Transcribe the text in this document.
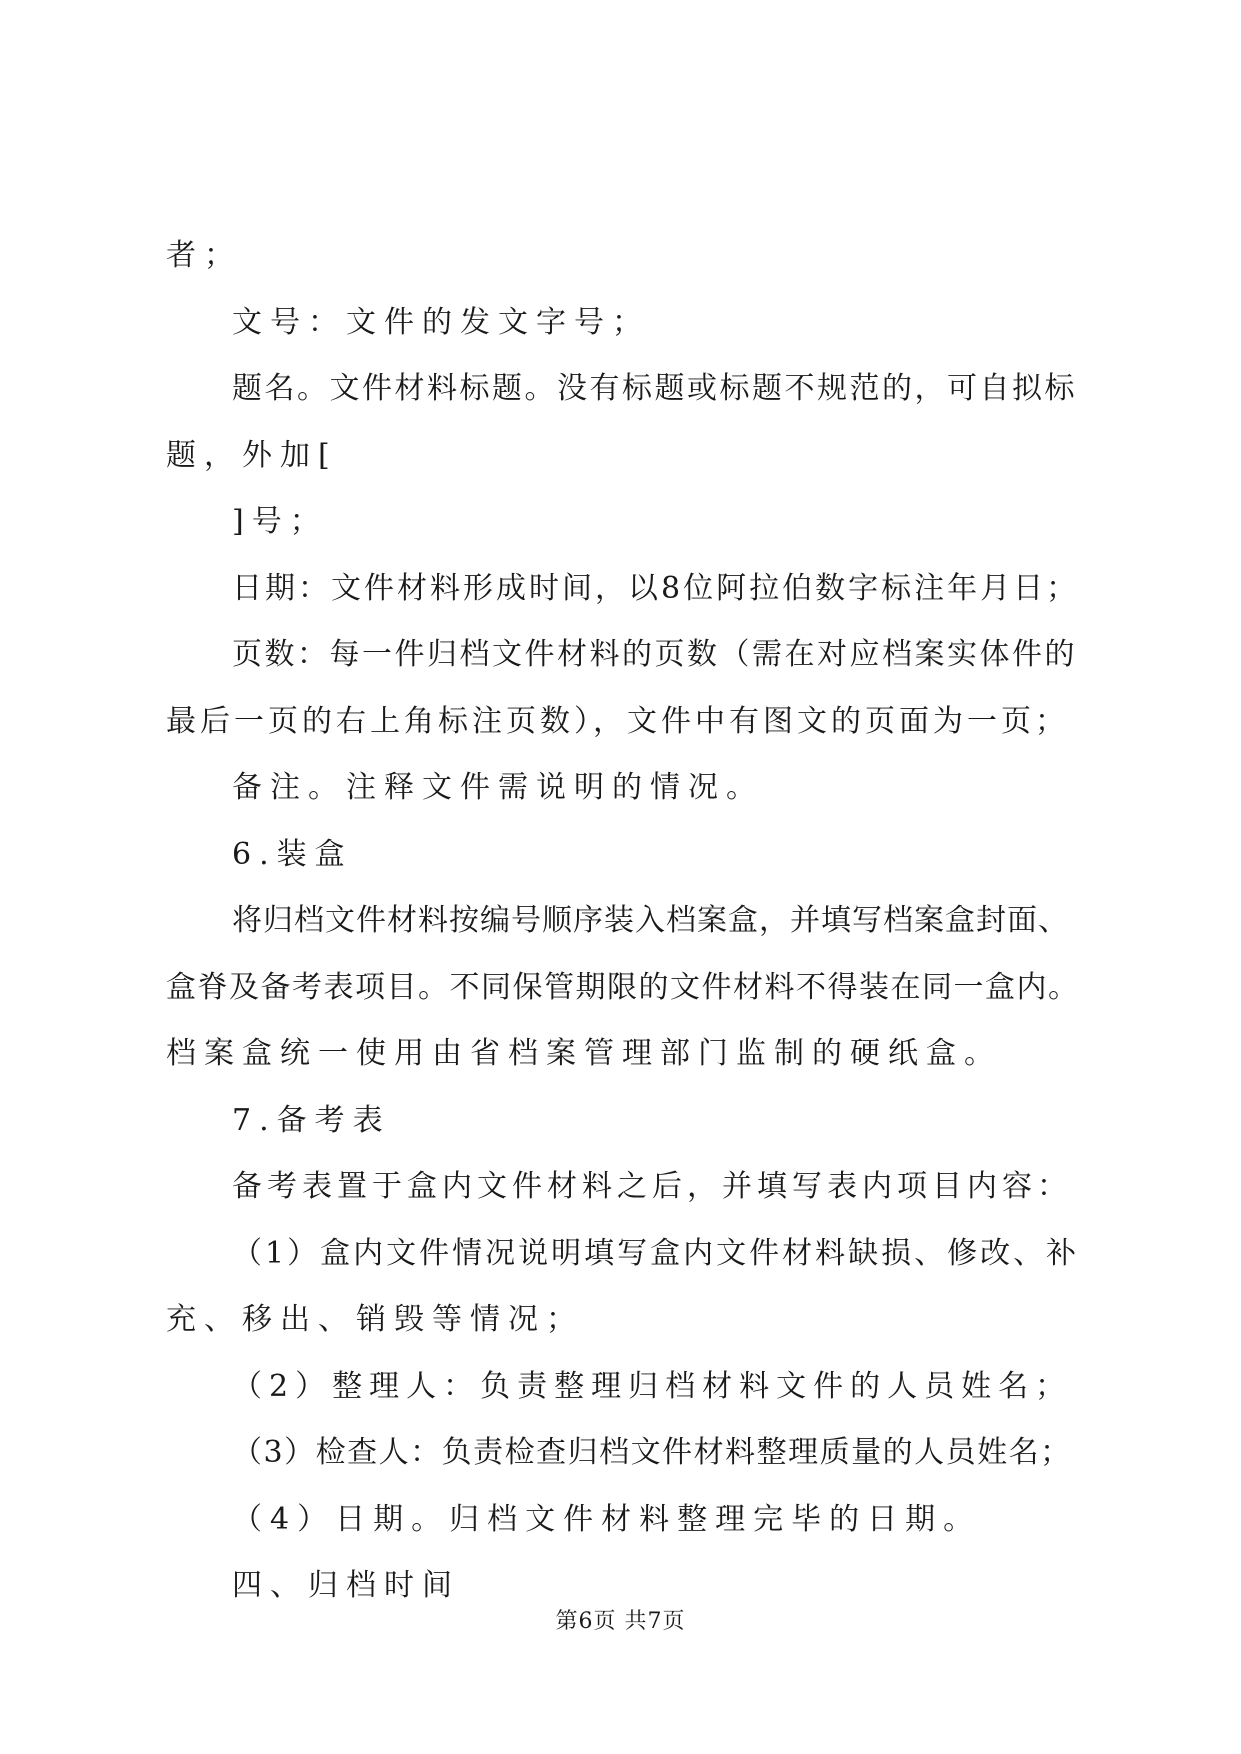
者；
文号：文件的发文字号；
题名。文件材料标题。没有标题或标题不规范的，可自拟标
题，外加[
]号；
日期：文件材料形成时间，以8位阿拉伯数字标注年月日；
页数：每一件归档文件材料的页数（需在对应档案实体件的
最后一页的右上角标注页数），文件中有图文的页面为一页；
备注。注释文件需说明的情况。
6.装盒
将归档文件材料按编号顺序装入档案盒，并填写档案盒封面、
盒脊及备考表项目。不同保管期限的文件材料不得装在同一盒内。
档案盒统一使用由省档案管理部门监制的硬纸盒。
7.备考表
备考表置于盒内文件材料之后，并填写表内项目内容：
（1）盒内文件情况说明填写盒内文件材料缺损、修改、补
充、移出、销毁等情况；
（2）整理人：负责整理归档材料文件的人员姓名；
（3）检查人：负责检查归档文件材料整理质量的人员姓名；
（4）日期。归档文件材料整理完毕的日期。
四、归档时间
第6页 共7页
